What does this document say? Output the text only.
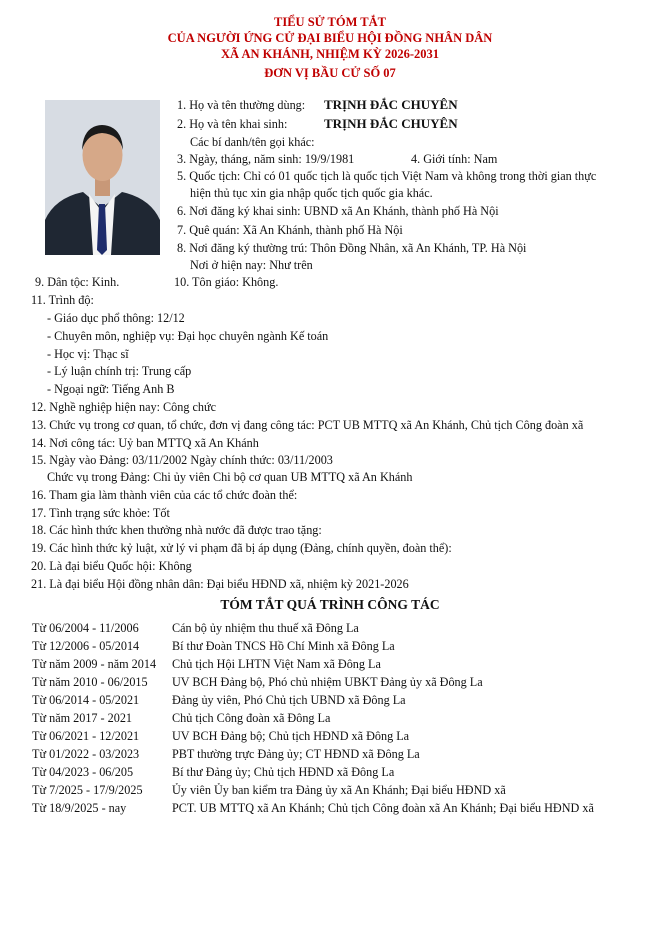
TIỂU SỬ TÓM TẮT
CỦA NGƯỜI ỨNG CỬ ĐẠI BIỂU HỘI ĐỒNG NHÂN DÂN
XÃ AN KHÁNH, NHIỆM KỲ 2026-2031
ĐƠN VỊ BẦU CỬ SỐ 07
1. Họ và tên thường dùng: TRỊNH ĐẮC CHUYÊN
2. Họ và tên khai sinh:	TRỊNH ĐẮC CHUYÊN
Các bí danh/tên gọi khác:
3. Ngày, tháng, năm sinh: 19/9/1981	4. Giới tính: Nam
5. Quốc tịch: Chỉ có 01 quốc tịch là quốc tịch Việt Nam và không trong thời gian thực
hiện thủ tục xin gia nhập quốc tịch quốc gia khác.
6. Nơi đăng ký khai sinh: UBND xã An Khánh, thành phố Hà Nội
7. Quê quán: Xã An Khánh, thành phố Hà Nội
8. Nơi đăng ký thường trú: Thôn Đồng Nhân, xã An Khánh, TP. Hà Nội
Nơi ở hiện nay: Như trên
9. Dân tộc: Kinh.	10. Tôn giáo: Không.
11. Trình độ:
- Giáo dục phổ thông: 12/12
- Chuyên môn, nghiệp vụ: Đại học chuyên ngành Kế toán
- Học vị: Thạc sĩ
- Lý luận chính trị: Trung cấp
- Ngoại ngữ: Tiếng Anh B
12. Nghề nghiệp hiện nay: Công chức
13. Chức vụ trong cơ quan, tổ chức, đơn vị đang công tác: PCT UB MTTQ xã An Khánh, Chủ tịch Công đoàn xã
14. Nơi công tác: Uỷ ban MTTQ xã An Khánh
15. Ngày vào Đảng: 03/11/2002 Ngày chính thức: 03/11/2003
Chức vụ trong Đảng: Chi ủy viên Chi bộ cơ quan UB MTTQ xã An Khánh
16. Tham gia làm thành viên của các tổ chức đoàn thể:
17. Tình trạng sức khỏe: Tốt
18. Các hình thức khen thưởng nhà nước đã được trao tặng:
19. Các hình thức kỷ luật, xử lý vi phạm đã bị áp dụng (Đảng, chính quyền, đoàn thể):
20. Là đại biểu Quốc hội: Không
21. Là đại biểu Hội đồng nhân dân: Đại biểu HĐND xã, nhiệm kỳ 2021-2026
TÓM TẮT QUÁ TRÌNH CÔNG TÁC
Từ 06/2004 - 11/2006	Cán bộ ủy nhiệm thu thuế xã Đông La
Từ 12/2006 - 05/2014	Bí thư Đoàn TNCS Hồ Chí Minh xã Đông La
Từ năm 2009 - năm 2014 Chủ tịch Hội LHTN Việt Nam xã Đông La
Từ năm 2010 - 06/2015 UV BCH Đảng bộ, Phó chủ nhiệm UBKT Đảng ủy xã Đông La
Từ 06/2014 - 05/2021	Đảng ủy viên, Phó Chủ tịch UBND xã Đông La
Từ năm 2017 - 2021	Chủ tịch Công đoàn xã Đông La
Từ 06/2021 - 12/2021	UV BCH Đảng bộ; Chủ tịch HĐND xã Đông La
Từ 01/2022 - 03/2023	PBT thường trực Đảng ủy; CT HĐND xã Đông La
Từ 04/2023 - 06/205	Bí thư Đảng ủy; Chủ tịch HĐND xã Đông La
Từ 7/2025 - 17/9/2025 Ủy viên Ủy ban kiểm tra Đảng ủy xã An Khánh; Đại biểu HĐND xã
Từ 18/9/2025 - nay	PCT. UB MTTQ xã An Khánh; Chủ tịch Công đoàn xã An Khánh; Đại biểu HĐND xã
